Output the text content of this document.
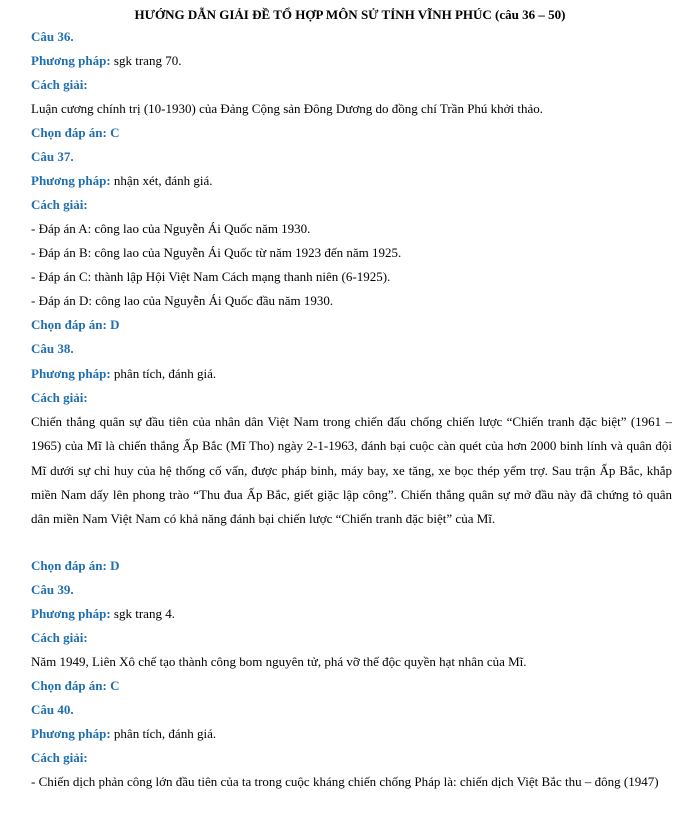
HƯỚNG DẪN GIẢI ĐỀ TỔ HỢP MÔN SỬ TỈNH VĨNH PHÚC (câu 36 – 50)
Câu 36.
Phương pháp: sgk trang 70.
Cách giải:
Luận cương chính trị (10-1930) của Đảng Cộng sản Đông Dương do đồng chí Trần Phú khởi thảo.
Chọn đáp án: C
Câu 37.
Phương pháp: nhận xét, đánh giá.
Cách giải:
- Đáp án A: công lao của Nguyễn Ái Quốc năm 1930.
- Đáp án B: công lao của Nguyễn Ái Quốc từ năm 1923 đến năm 1925.
- Đáp án C: thành lập Hội Việt Nam Cách mạng thanh niên (6-1925).
- Đáp án D: công lao của Nguyễn Ái Quốc đầu năm 1930.
Chọn đáp án: D
Câu 38.
Phương pháp: phân tích, đánh giá.
Cách giải:
Chiến thắng quân sự đầu tiên của nhân dân Việt Nam trong chiến đấu chống chiến lược “Chiến tranh đặc biệt” (1961 – 1965) của Mĩ là chiến thắng Ấp Bắc (Mĩ Tho) ngày 2-1-1963, đánh bại cuộc càn quét của hơn 2000 binh lính và quân đội Mĩ dưới sự chỉ huy của hệ thống cố vấn, được pháp binh, máy bay, xe tăng, xe bọc thép yểm trợ. Sau trận Ấp Bắc, khắp miền Nam dấy lên phong trào “Thu đua Ấp Bắc, giết giặc lập công”. Chiến thắng quân sự mở đầu này đã chứng tỏ quân dân miền Nam Việt Nam có khả năng đánh bại chiến lược “Chiến tranh đặc biệt” của Mĩ.
Chọn đáp án: D
Câu 39.
Phương pháp: sgk trang 4.
Cách giải:
Năm 1949, Liên Xô chế tạo thành công bom nguyên tử, phá vỡ thế độc quyền hạt nhân của Mĩ.
Chọn đáp án: C
Câu 40.
Phương pháp: phân tích, đánh giá.
Cách giải:
- Chiến dịch phản công lớn đầu tiên của ta trong cuộc kháng chiến chống Pháp là: chiến dịch Việt Bắc thu – đông (1947)
